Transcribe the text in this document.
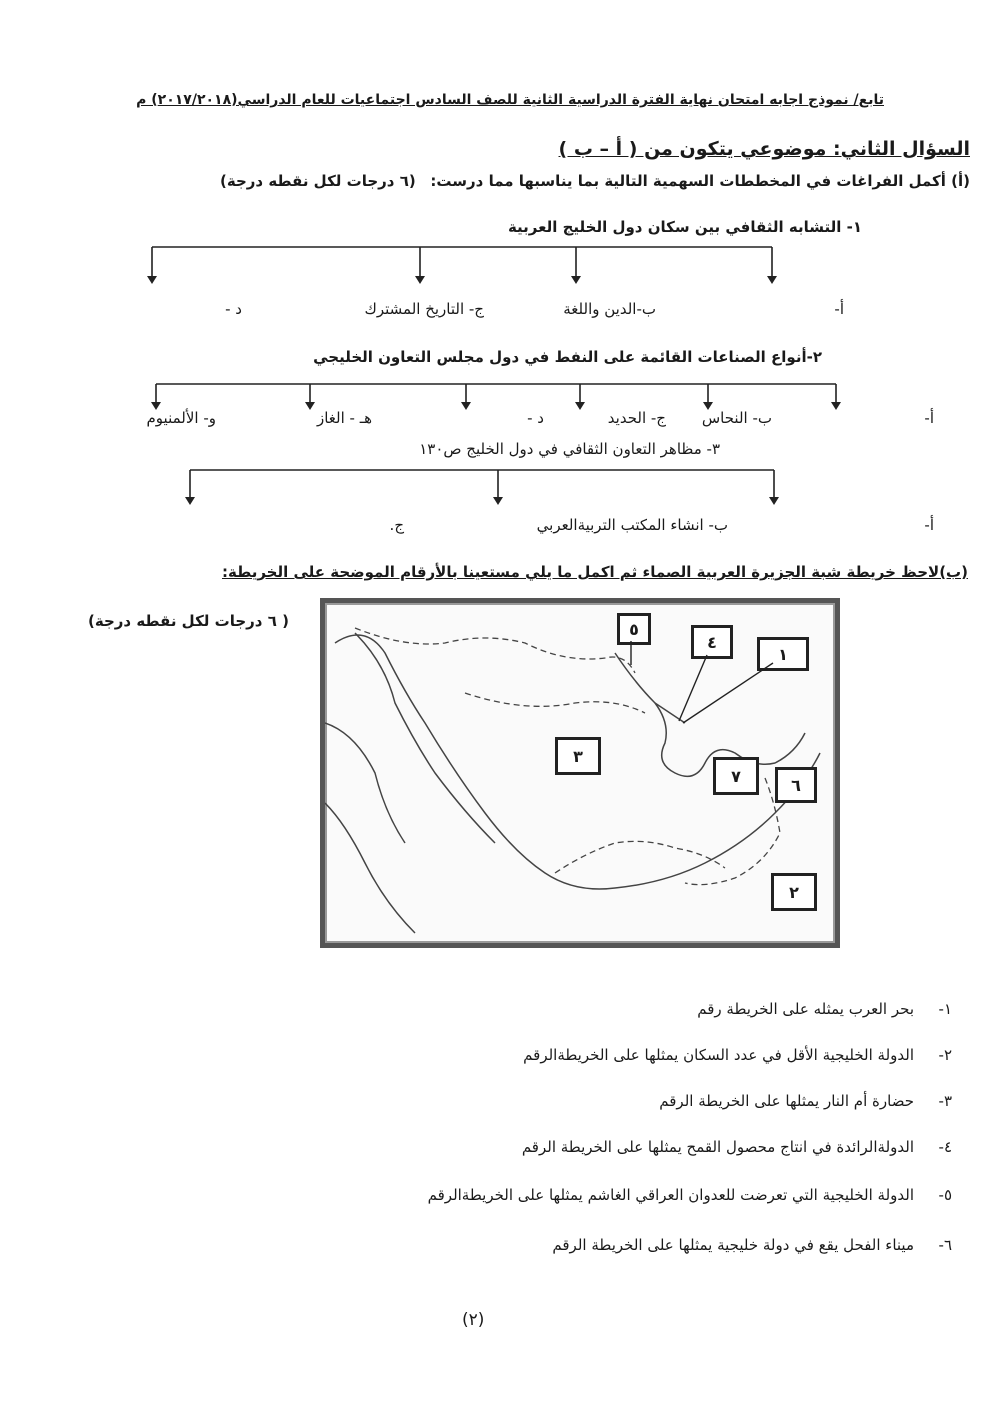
تابع/ نموذج اجابه امتحان نهاية الفترة الدراسية الثانية للصف السادس اجتماعيات للعام الدراسي(٢٠١٧/٢٠١٨) م
السؤال الثاني: موضوعي يتكون من ( أ – ب )
(أ) أكمل الفراغات في المخططات السهمية التالية بما يناسبها مما درست:
(٦ درجات لكل نقطه درجة)
١- التشابه الثقافي بين سكان دول الخليج العربية
أ-
ب-الدين واللغة
ج- التاريخ المشترك
د -
٢-أنواع الصناعات القائمة على النفط في دول مجلس التعاون الخليجي
أ-
ب- النحاس
ج- الحديد
د -
هـ - الغاز
و- الألمنيوم
٣- مظاهر التعاون الثقافي في دول الخليج ص١٣٠
أ-
ب- انشاء المكتب التربيةالعربي
ج.
(ب)لاحظ خريطة شبة الجزيرة العربية الصماء ثم اكمل ما يلي مستعينا بالأرقام الموضحة على الخريطة:
( ٦ درجات لكل نقطه درجة)	٥
٤
١
٣
٧	٦
٢
١-
بحر العرب يمثله على الخريطة رقم
٢-
الدولة الخليجية الأقل في عدد السكان يمثلها على الخريطةالرقم
٣-
حضارة أم النار يمثلها على الخريطة الرقم
٤-
الدولةالرائدة في انتاج محصول القمح يمثلها على الخريطة الرقم
٥-
الدولة الخليجية التي تعرضت للعدوان العراقي الغاشم يمثلها على الخريطةالرقم
٦-
ميناء الفحل يقع في دولة خليجية يمثلها على الخريطة الرقم
(٢)
